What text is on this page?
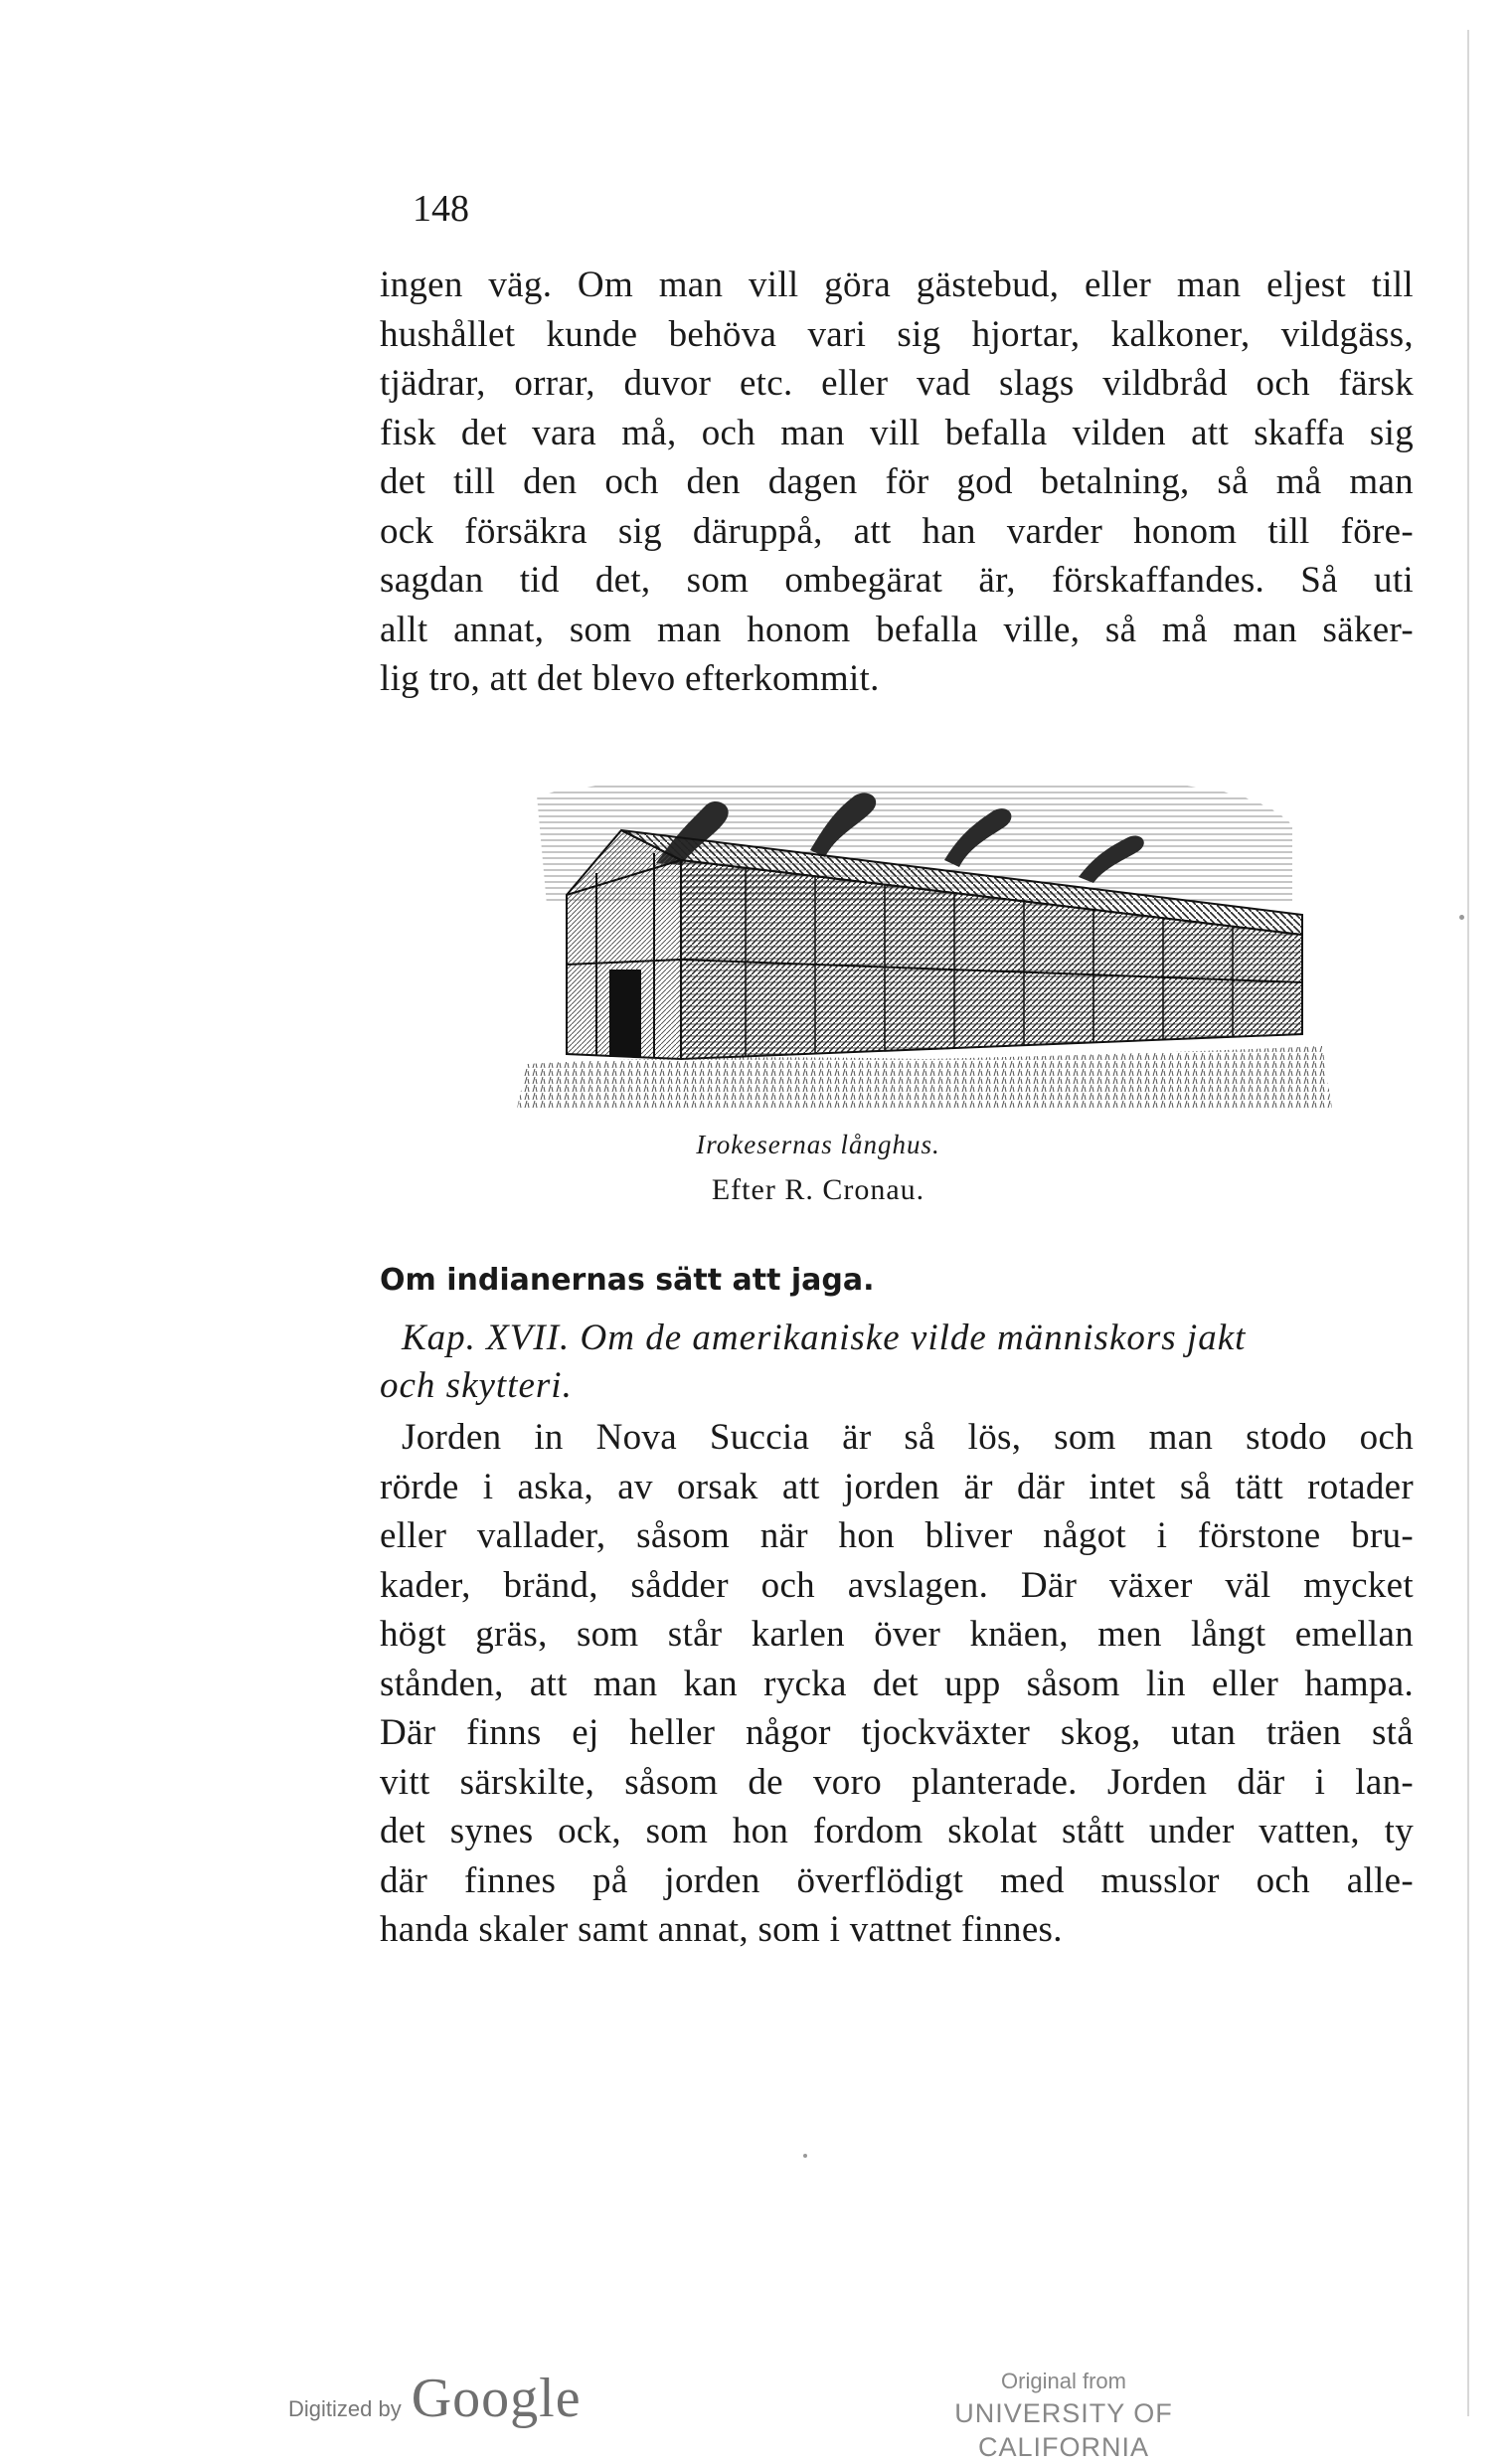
148
ingen väg. Om man vill göra gästebud, eller man eljest till
hushållet kunde behöva vari sig hjortar, kalkoner, vildgäss,
tjädrar, orrar, duvor etc. eller vad slags vildbråd och färsk
fisk det vara må, och man vill befalla vilden att skaffa sig
det till den och den dagen för god betalning, så må man
ock försäkra sig däruppå, att han varder honom till före-
sagdan tid det, som ombegärat är, förskaffandes. Så uti
allt annat, som man honom befalla ville, så må man säker-
lig tro, att det blevo efterkommit.
Irokesernas långhus.
Efter R. Cronau.
Om indianernas sätt att jaga.
Kap. XVII. Om de amerikaniske vilde människors jakt
och skytteri.
Jorden in Nova Succia är så lös, som man stodo och
rörde i aska, av orsak att jorden är där intet så tätt rotader
eller vallader, såsom när hon bliver något i förstone bru-
kader, bränd, sådder och avslagen. Där växer väl mycket
högt gräs, som står karlen över knäen, men långt emellan
stånden, att man kan rycka det upp såsom lin eller hampa.
Där finns ej heller någor tjockväxter skog, utan träen stå
vitt särskilte, såsom de voro planterade. Jorden där i lan-
det synes ock, som hon fordom skolat stått under vatten, ty
där finnes på jorden överflödigt med musslor och alle-
handa skaler samt annat, som i vattnet finnes.
Digitized by Google	Original from
UNIVERSITY OF CALIFORNIA
